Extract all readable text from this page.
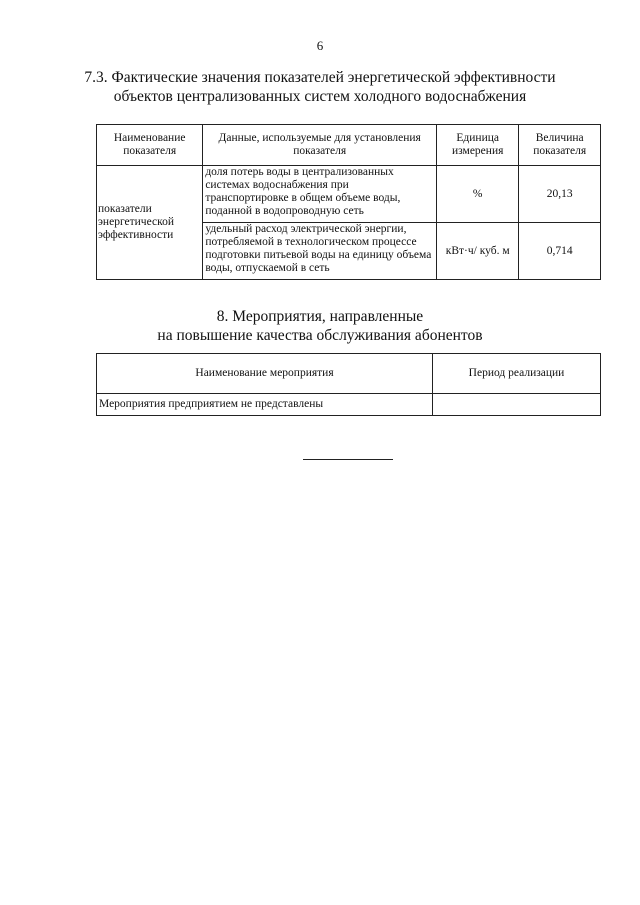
6
7.3. Фактические значения показателей энергетической эффективности
объектов централизованных систем холодного водоснабжения
Наименование показателя	Данные, используемые для установления показателя	Единица измерения	Величина показателя
показатели энергетической эффективности	доля потерь воды в централизованных системах водоснабжения при транспортировке в общем объеме воды, поданной в водопроводную сеть	%	20,13
	удельный расход электрической энергии, потребляемой в технологическом процессе подготовки питьевой воды на единицу объема воды, отпускаемой в сеть	кВт·ч/ куб. м	0,714
8. Мероприятия, направленные
на повышение качества обслуживания абонентов
Наименование мероприятия	Период реализации
Мероприятия предприятием не представлены	
